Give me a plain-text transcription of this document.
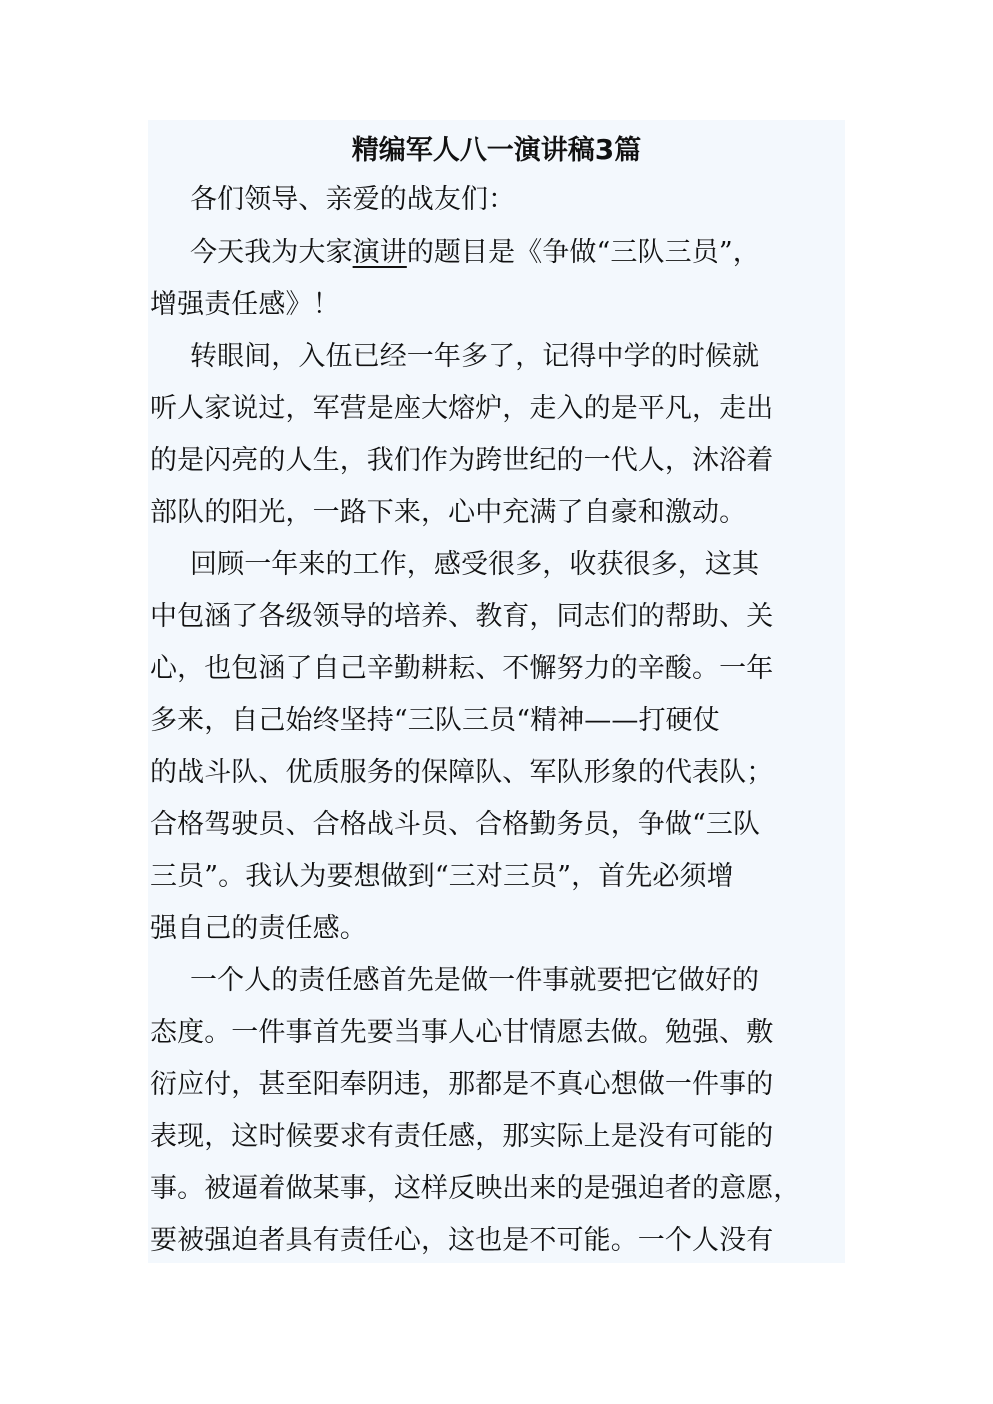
精编军人八一演讲稿3篇
各们领导、亲爱的战友们：
今天我为大家演讲的题目是《争做“三队三员”，
增强责任感》！
转眼间，入伍已经一年多了，记得中学的时候就
听人家说过，军营是座大熔炉，走入的是平凡，走出
的是闪亮的人生，我们作为跨世纪的一代人，沐浴着
部队的阳光，一路下来，心中充满了自豪和激动。
回顾一年来的工作，感受很多，收获很多，这其
中包涵了各级领导的培养、教育，同志们的帮助、关
心，也包涵了自己辛勤耕耘、不懈努力的辛酸。一年
多来，自己始终坚持“三队三员“精神——打硬仗
的战斗队、优质服务的保障队、军队形象的代表队；
合格驾驶员、合格战斗员、合格勤务员，争做“三队
三员”。我认为要想做到“三对三员”，首先必须增
强自己的责任感。
一个人的责任感首先是做一件事就要把它做好的
态度。一件事首先要当事人心甘情愿去做。勉强、敷
衍应付，甚至阳奉阴违，那都是不真心想做一件事的
表现，这时候要求有责任感，那实际上是没有可能的
事。被逼着做某事，这样反映出来的是强迫者的意愿，
要被强迫者具有责任心，这也是不可能。一个人没有
